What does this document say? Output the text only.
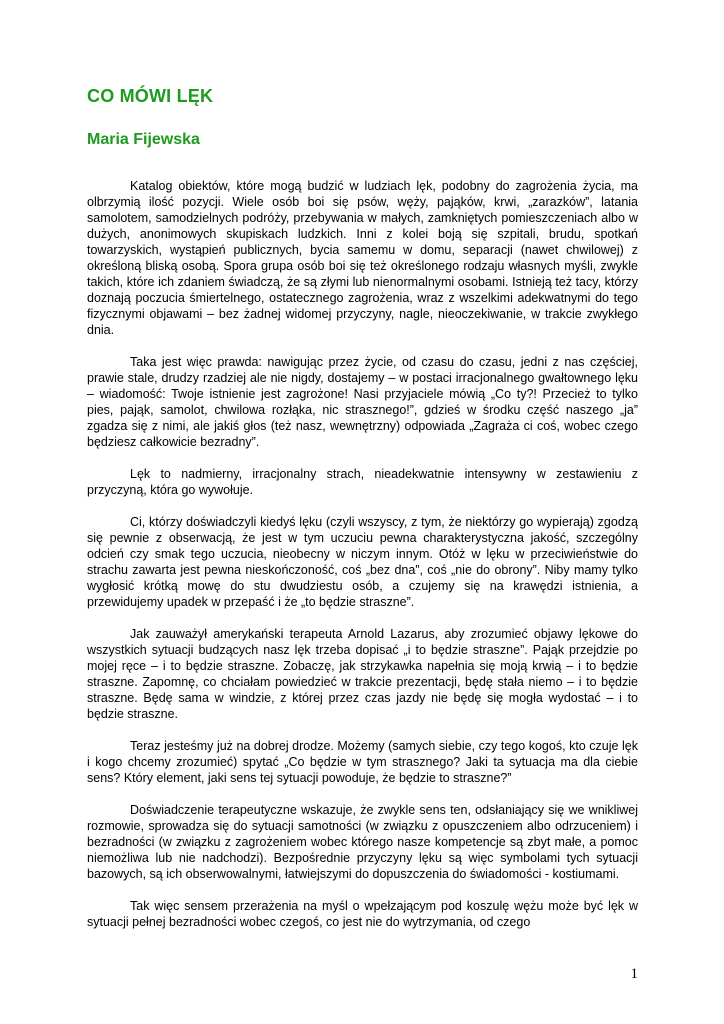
CO MÓWI LĘK
Maria Fijewska

Katalog obiektów, które mogą budzić w ludziach lęk, podobny do zagrożenia życia, ma olbrzymią ilość pozycji. Wiele osób boi się psów, węży, pająków, krwi, „zarazków”, latania samolotem, samodzielnych podróży, przebywania w małych, zamkniętych pomieszczeniach albo w dużych, anonimowych skupiskach ludzkich. Inni z kolei boją się szpitali, brudu, spotkań towarzyskich, wystąpień publicznych, bycia samemu w domu, separacji (nawet chwilowej) z określoną bliską osobą. Spora grupa osób boi się też określonego rodzaju własnych myśli, zwykle takich, które ich zdaniem świadczą, że są złymi lub nienormalnymi osobami. Istnieją też tacy, którzy doznają poczucia śmiertelnego, ostatecznego zagrożenia, wraz z wszelkimi adekwatnymi do tego fizycznymi objawami – bez żadnej widomej przyczyny, nagle, nieoczekiwanie, w trakcie zwykłego dnia.

Taka jest więc prawda: nawigując przez życie, od czasu do czasu, jedni z nas częściej, prawie stale, drudzy rzadziej ale nie nigdy, dostajemy – w postaci irracjonalnego gwałtownego lęku – wiadomość: Twoje istnienie jest zagrożone! Nasi przyjaciele mówią „Co ty?! Przecież to tylko pies, pająk, samolot, chwilowa rozłąka, nic strasznego!”, gdzieś w środku część naszego „ja” zgadza się z nimi, ale jakiś głos (też nasz, wewnętrzny) odpowiada „Zagraża ci coś, wobec czego będziesz całkowicie bezradny”.

Lęk to nadmierny, irracjonalny strach, nieadekwatnie intensywny w zestawieniu z przyczyną, która go wywołuje.

Ci, którzy doświadczyli kiedyś lęku (czyli wszyscy, z tym, że niektórzy go wypierają) zgodzą się pewnie z obserwacją, że jest w tym uczuciu pewna charakterystyczna jakość, szczególny odcień czy smak tego uczucia, nieobecny w niczym innym. Otóż w lęku w przeciwieństwie do strachu zawarta jest pewna nieskończoność, coś „bez dna”, coś „nie do obrony”. Niby mamy tylko wygłosić krótką mowę do stu dwudziestu osób, a czujemy się na krawędzi istnienia, a przewidujemy upadek w przepaść i że „to będzie straszne”.

Jak zauważył amerykański terapeuta Arnold Lazarus, aby zrozumieć objawy lękowe do wszystkich sytuacji budzących nasz lęk trzeba dopisać „i to będzie straszne”. Pająk przejdzie po mojej ręce – i to będzie straszne. Zobaczę, jak strzykawka napełnia się moją krwią – i to będzie straszne. Zapomnę, co chciałam powiedzieć w trakcie prezentacji, będę stała niemo – i to będzie straszne. Będę sama w windzie, z której przez czas jazdy nie będę się mogła wydostać – i to będzie straszne.

Teraz jesteśmy już na dobrej drodze. Możemy (samych siebie, czy tego kogoś, kto czuje lęk i kogo chcemy zrozumieć) spytać „Co będzie w tym strasznego? Jaki ta sytuacja ma dla ciebie sens? Który element, jaki sens tej sytuacji powoduje, że będzie to straszne?”

Doświadczenie terapeutyczne wskazuje, że zwykle sens ten, odsłaniający się we wnikliwej rozmowie, sprowadza się do sytuacji samotności (w związku z opuszczeniem albo odrzuceniem) i bezradności (w związku z zagrożeniem wobec którego nasze kompetencje są zbyt małe, a pomoc niemożliwa lub nie nadchodzi). Bezpośrednie przyczyny lęku są więc symbolami tych sytuacji bazowych, są ich obserwowalnymi, łatwiejszymi do dopuszczenia do świadomości - kostiumami.

Tak więc sensem przerażenia na myśl o wpełzającym pod koszulę wężu może być lęk w sytuacji pełnej bezradności wobec czegoś, co jest nie do wytrzymania, od czego

1
